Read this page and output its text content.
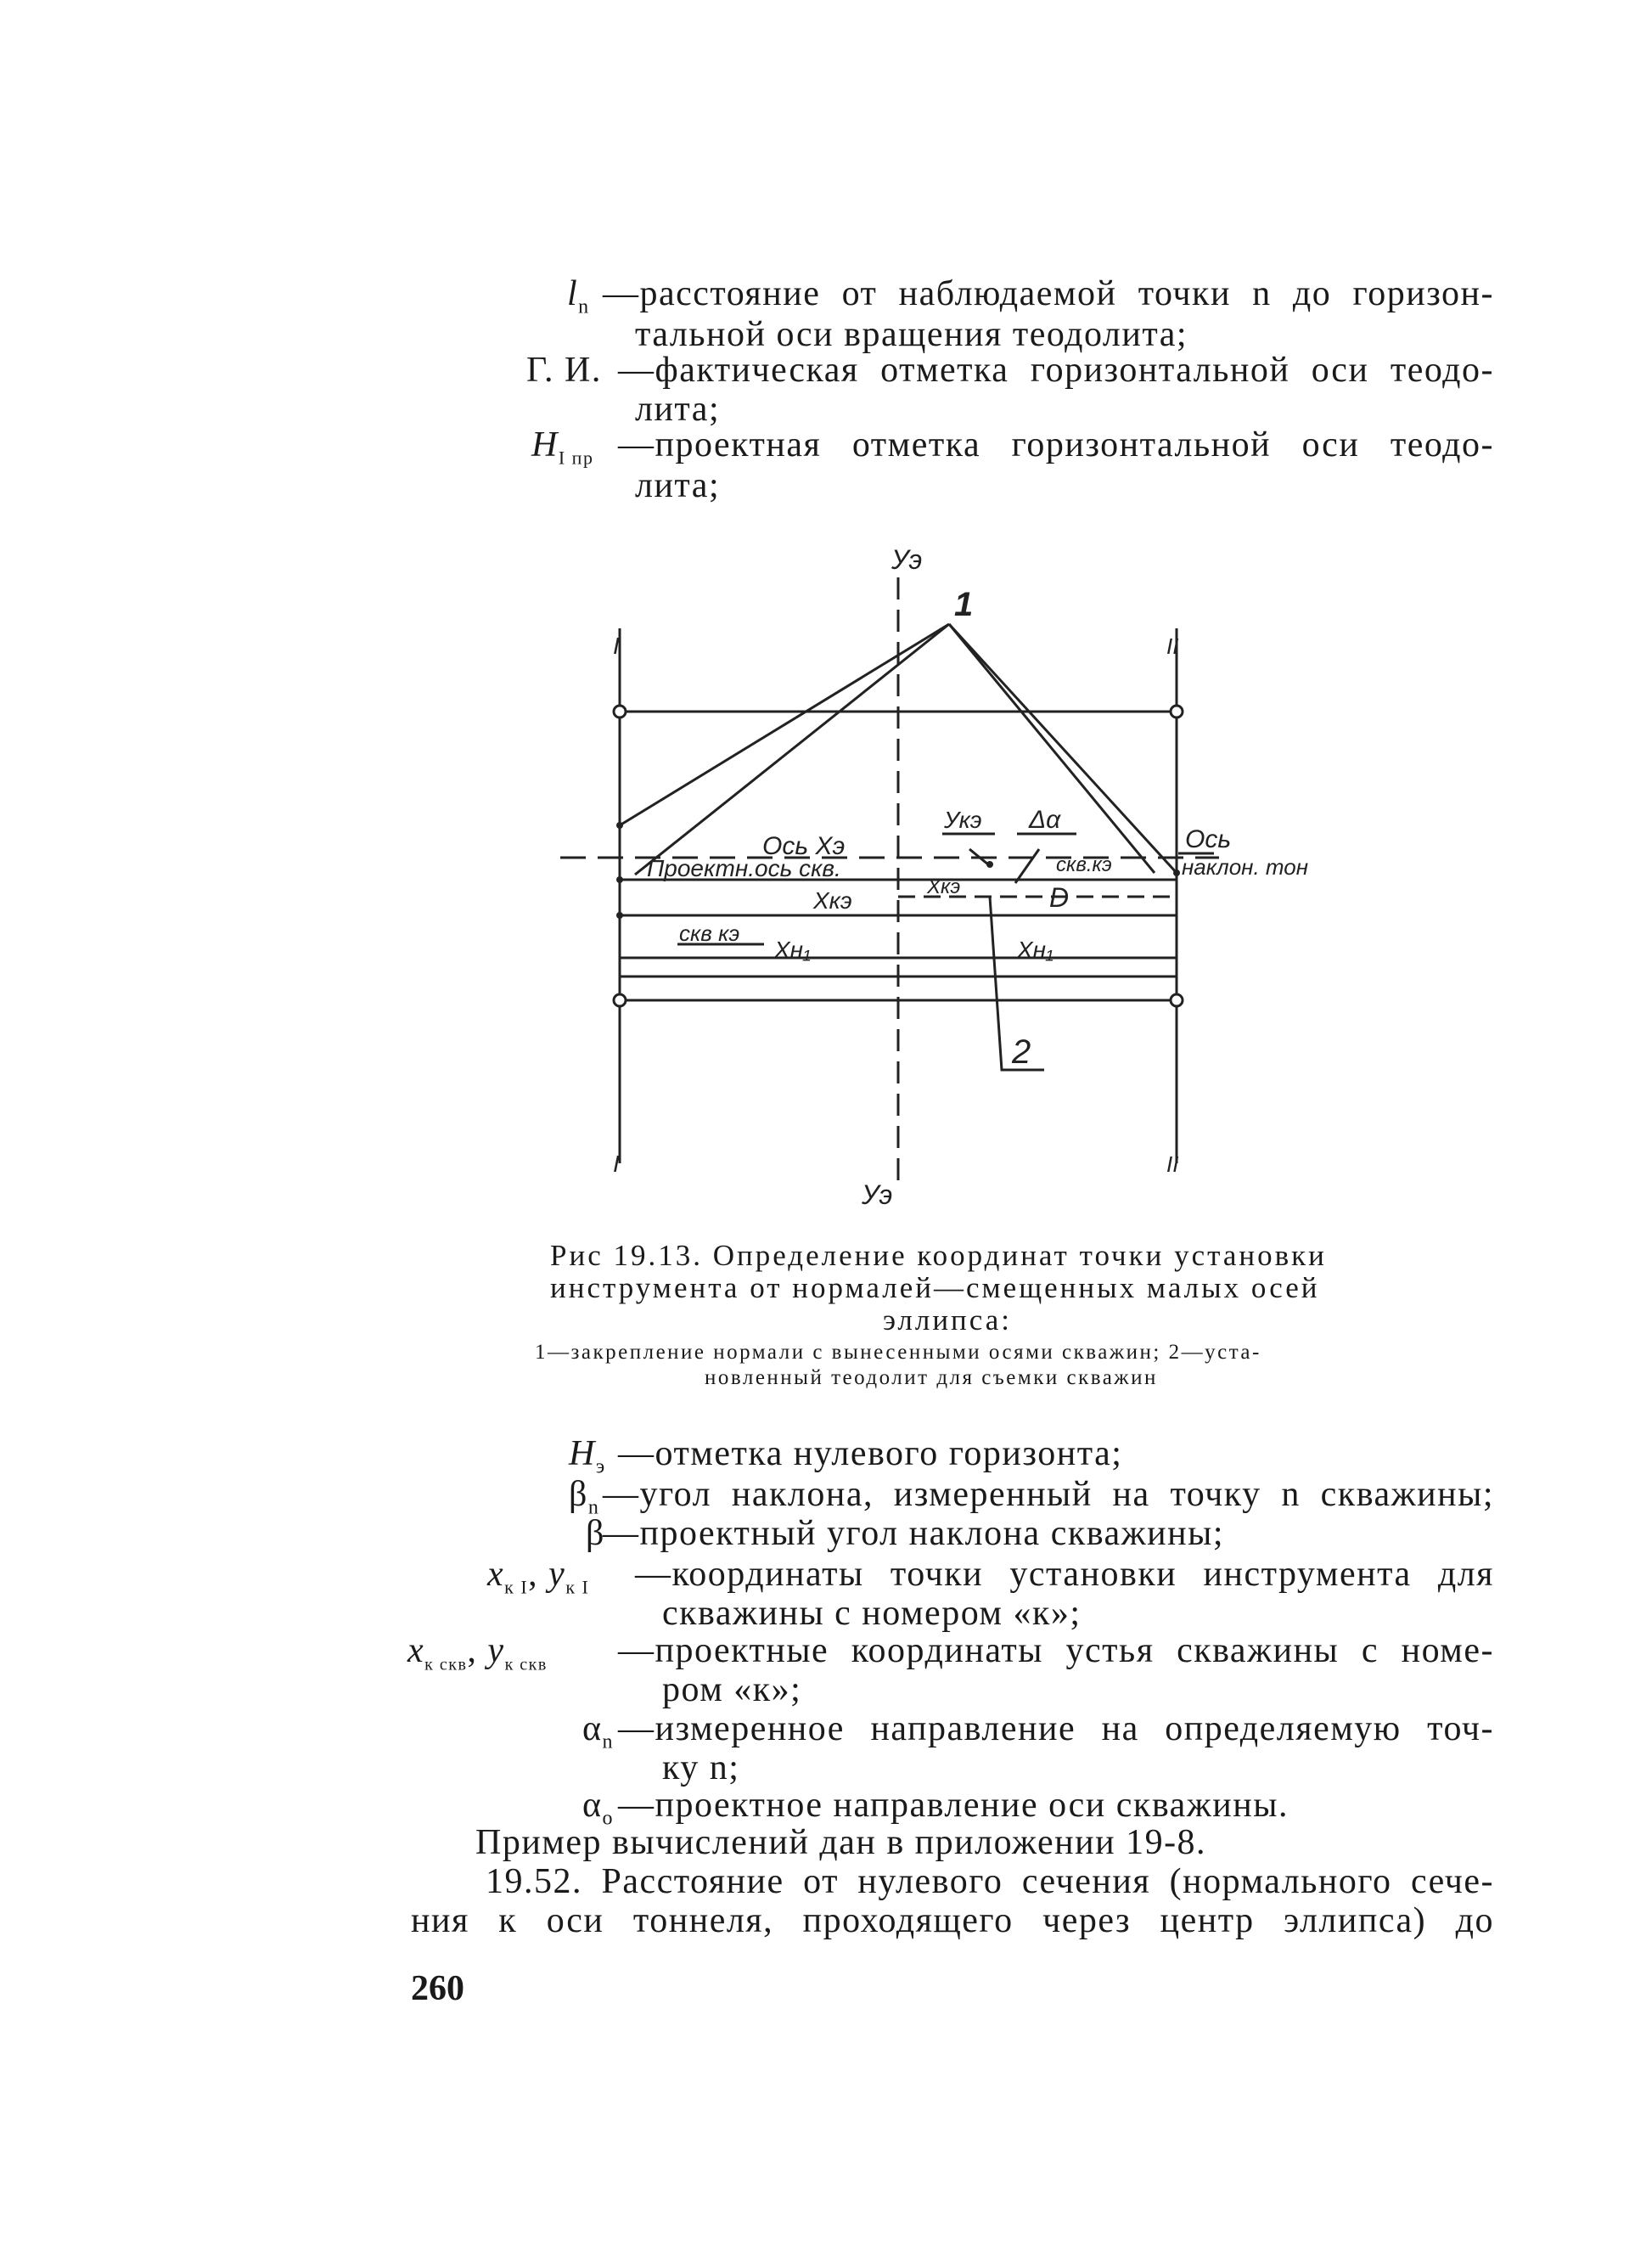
$l_n$ —расстояние от наблюдаемой точки n до горизон-
тальной оси вращения теодолита;
Г. И. —фактическая отметка горизонтальной оси теодо-
лита;
$H_{I пр}$ —проектная отметка горизонтальной оси теодо-
лита;
Уэ
Уэ
1
2
I
I
II
II
Ось Хэ
Проектн.ось скв.
Хкэ
Хкэ
Укэ Δα
скв.кэ
D
скв кэ
Хн₁	Хн₁
Ось
наклон. тон
Рис 19.13. Определение координат точки установки
инструмента от нормалей—смещенных малых осей
эллипса:
1—закрепление нормали с вынесенными осями скважин; 2—уста-
новленный теодолит для съемки скважин
$H_э$ —отметка нулевого горизонта;
$\beta_n$ —угол наклона, измеренный на точку n скважины;
β
—проектный угол наклона скважины;
$x_{к I}$, $y_{к I}$ —координаты точки установки инструмента для
скважины с номером «к»;
$x_{к скв}$, $y_{к скв}$ —проектные координаты устья скважины с номе-
ром «к»;
$\alpha_n$ —измеренное направление на определяемую точ-
ку n;
$\alpha_о$ —проектное направление оси скважины.
Пример вычислений дан в приложении 19-8.
19.52. Расстояние от нулевого сечения (нормального сече-
ния к оси тоннеля, проходящего через центр эллипса) до
260
